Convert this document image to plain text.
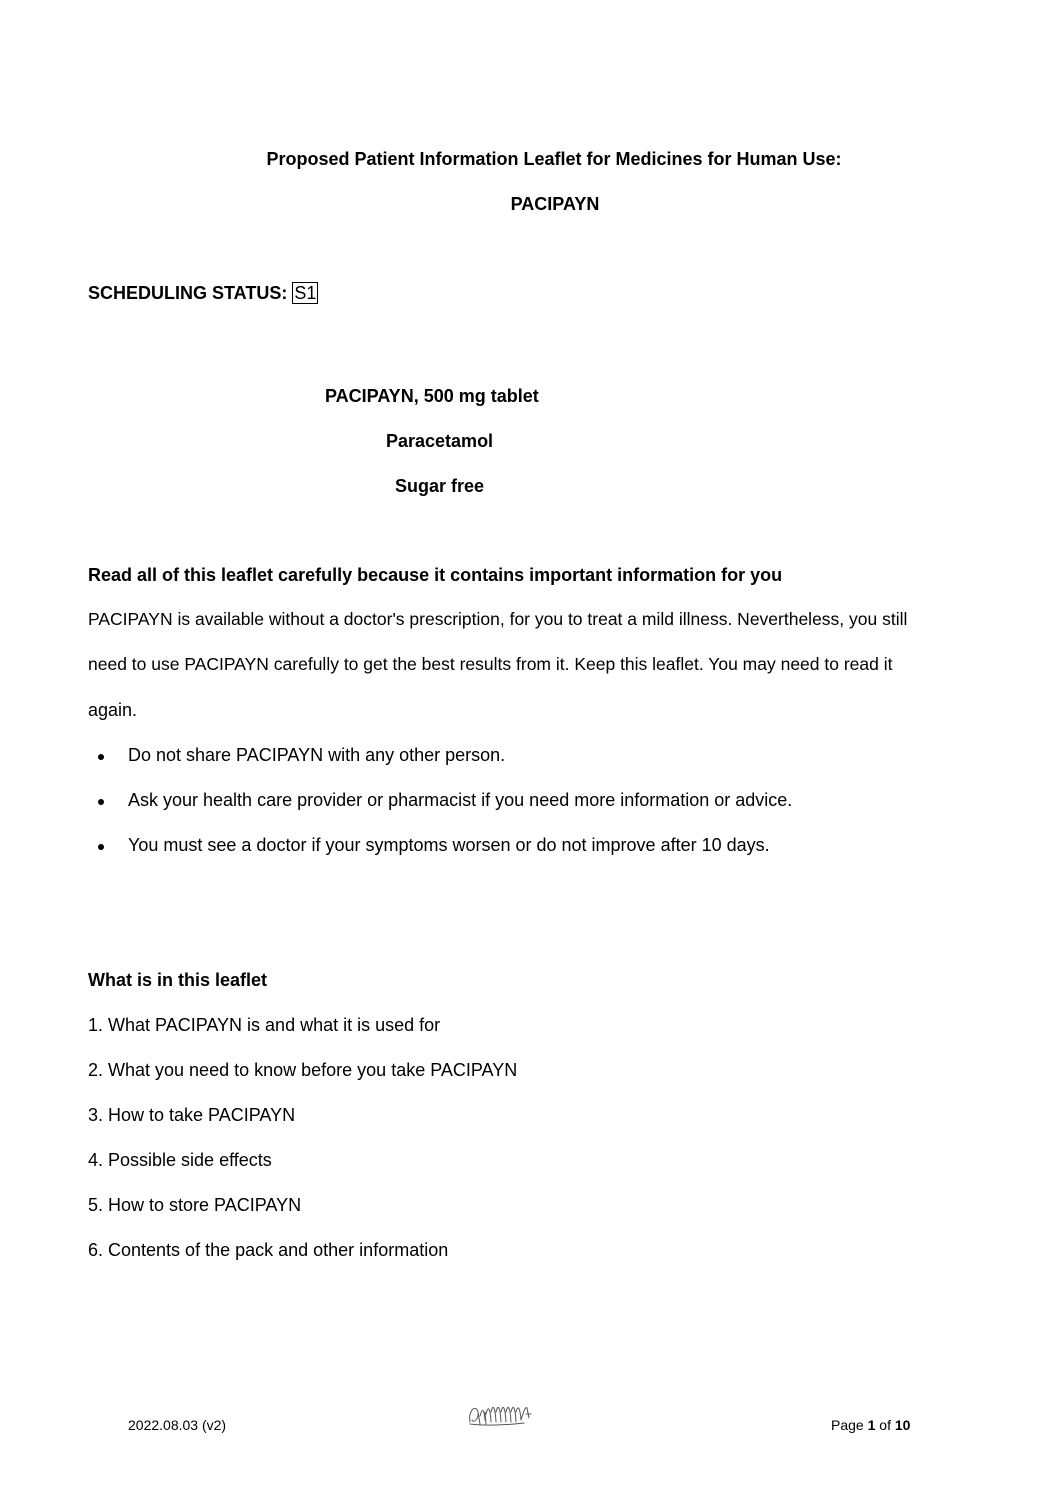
Proposed Patient Information Leaflet for Medicines for Human Use:
PACIPAYN
SCHEDULING STATUS: S1
PACIPAYN, 500 mg tablet
Paracetamol
Sugar free
Read all of this leaflet carefully because it contains important information for you
PACIPAYN is available without a doctor's prescription, for you to treat a mild illness. Nevertheless, you still
need to use PACIPAYN carefully to get the best results from it. Keep this leaflet. You may need to read it
again.
Do not share PACIPAYN with any other person.
Ask your health care provider or pharmacist if you need more information or advice.
You must see a doctor if your symptoms worsen or do not improve after 10 days.
What is in this leaflet
1. What PACIPAYN is and what it is used for
2. What you need to know before you take PACIPAYN
3. How to take PACIPAYN
4. Possible side effects
5. How to store PACIPAYN
6. Contents of the pack and other information
2022.08.03 (v2)	Page 1 of 10
